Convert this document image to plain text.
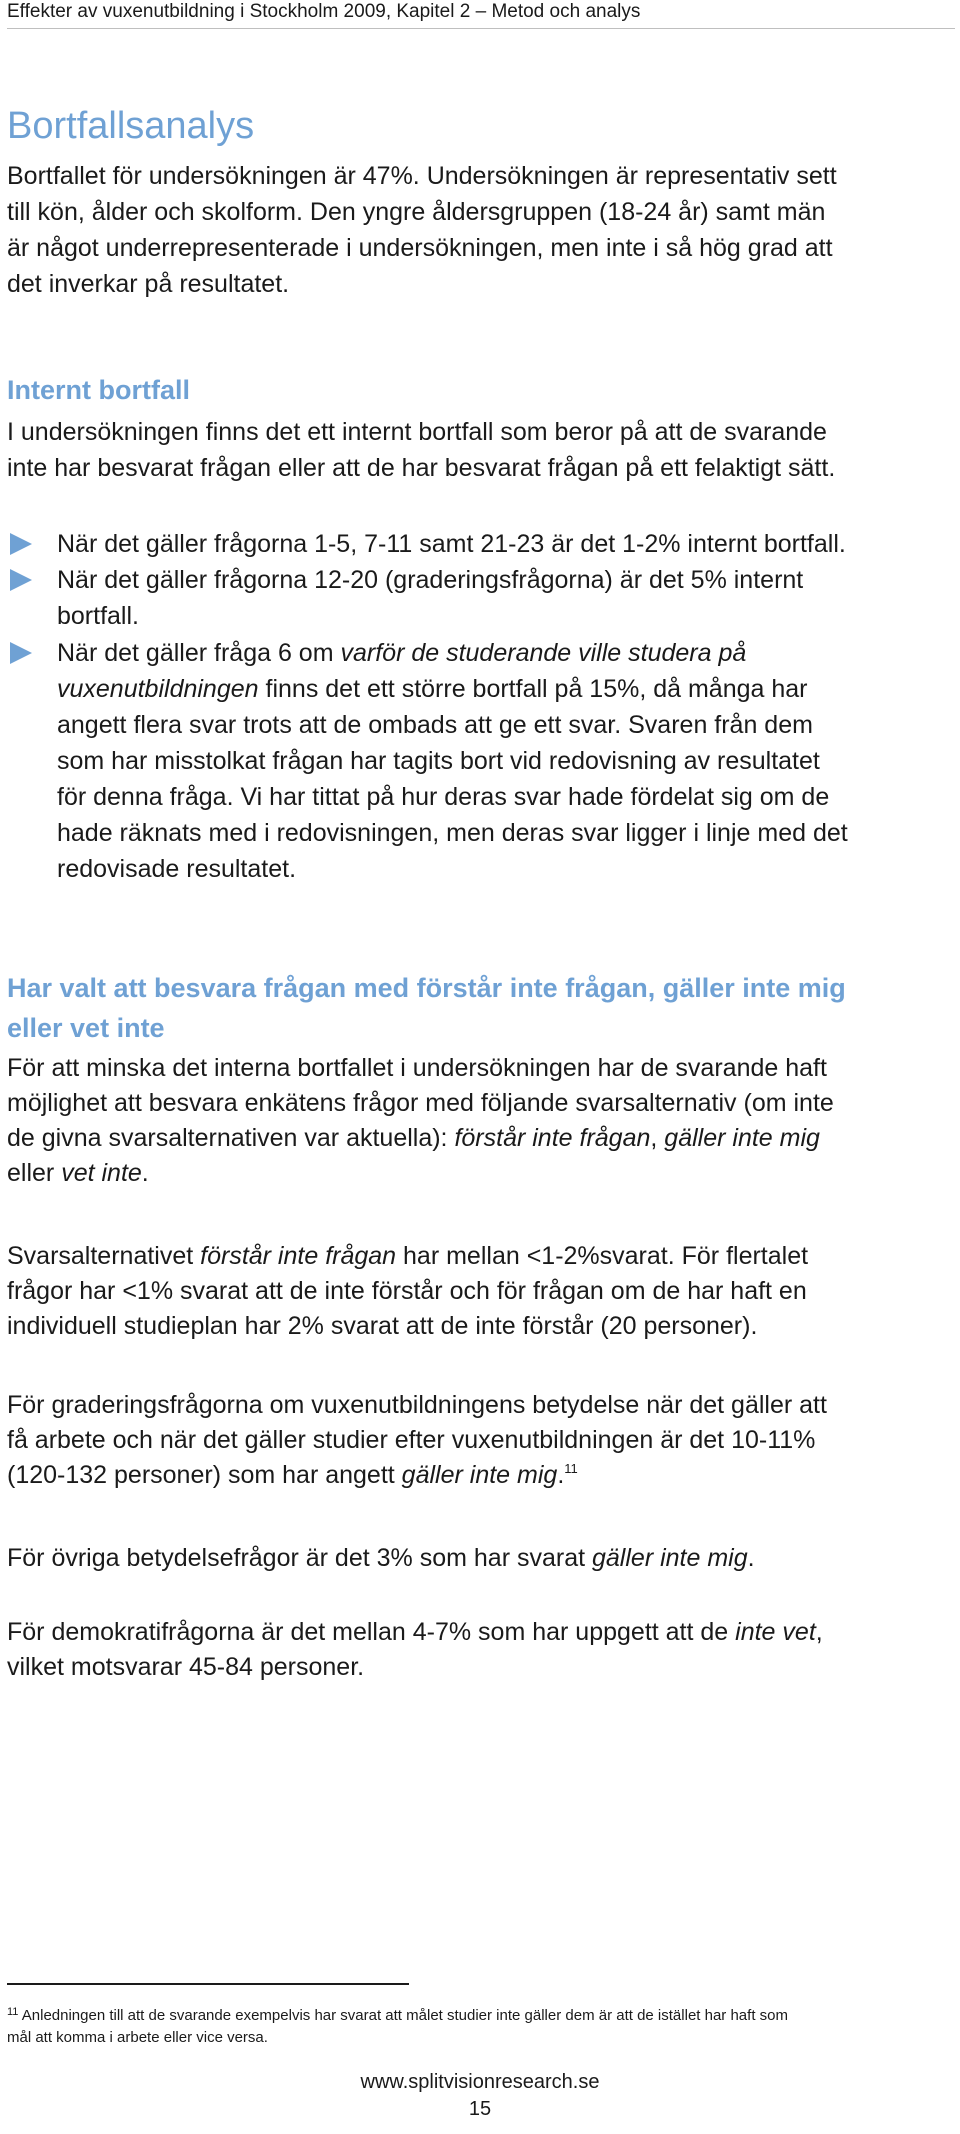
Effekter av vuxenutbildning i Stockholm 2009, Kapitel 2 – Metod och analys
Bortfallsanalys
Bortfallet för undersökningen är 47%. Undersökningen är representativ sett
till kön, ålder och skolform. Den yngre åldersgruppen (18-24 år) samt män
är något underrepresenterade i undersökningen, men inte i så hög grad att
det inverkar på resultatet.
Internt bortfall
I undersökningen finns det ett internt bortfall som beror på att de svarande
inte har besvarat frågan eller att de har besvarat frågan på ett felaktigt sätt.
När det gäller frågorna 1-5, 7-11 samt 21-23 är det 1-2% internt bortfall.
När det gäller frågorna 12-20 (graderingsfrågorna) är det 5% internt
bortfall.
När det gäller fråga 6 om varför de studerande ville studera på
vuxenutbildningen finns det ett större bortfall på 15%, då många har
angett flera svar trots att de ombads att ge ett svar. Svaren från dem
som har misstolkat frågan har tagits bort vid redovisning av resultatet
för denna fråga. Vi har tittat på hur deras svar hade fördelat sig om de
hade räknats med i redovisningen, men deras svar ligger i linje med det
redovisade resultatet.
Har valt att besvara frågan med förstår inte frågan, gäller inte mig
eller vet inte
För att minska det interna bortfallet i undersökningen har de svarande haft
möjlighet att besvara enkätens frågor med följande svarsalternativ (om inte
de givna svarsalternativen var aktuella): förstår inte frågan, gäller inte mig
eller vet inte.
Svarsalternativet förstår inte frågan har mellan <1-2%svarat. För flertalet
frågor har <1% svarat att de inte förstår och för frågan om de har haft en
individuell studieplan har 2% svarat att de inte förstår (20 personer).
För graderingsfrågorna om vuxenutbildningens betydelse när det gäller att
få arbete och när det gäller studier efter vuxenutbildningen är det 10-11%
(120-132 personer) som har angett gäller inte mig.$^{11}$
För övriga betydelsefrågor är det 3% som har svarat gäller inte mig.
För demokratifrågorna är det mellan 4-7% som har uppgett att de inte vet,
vilket motsvarar 45-84 personer.
$^{11}$ Anledningen till att de svarande exempelvis har svarat att målet studier inte gäller dem är att de istället har haft som
mål att komma i arbete eller vice versa.
www.splitvisionresearch.se
15
